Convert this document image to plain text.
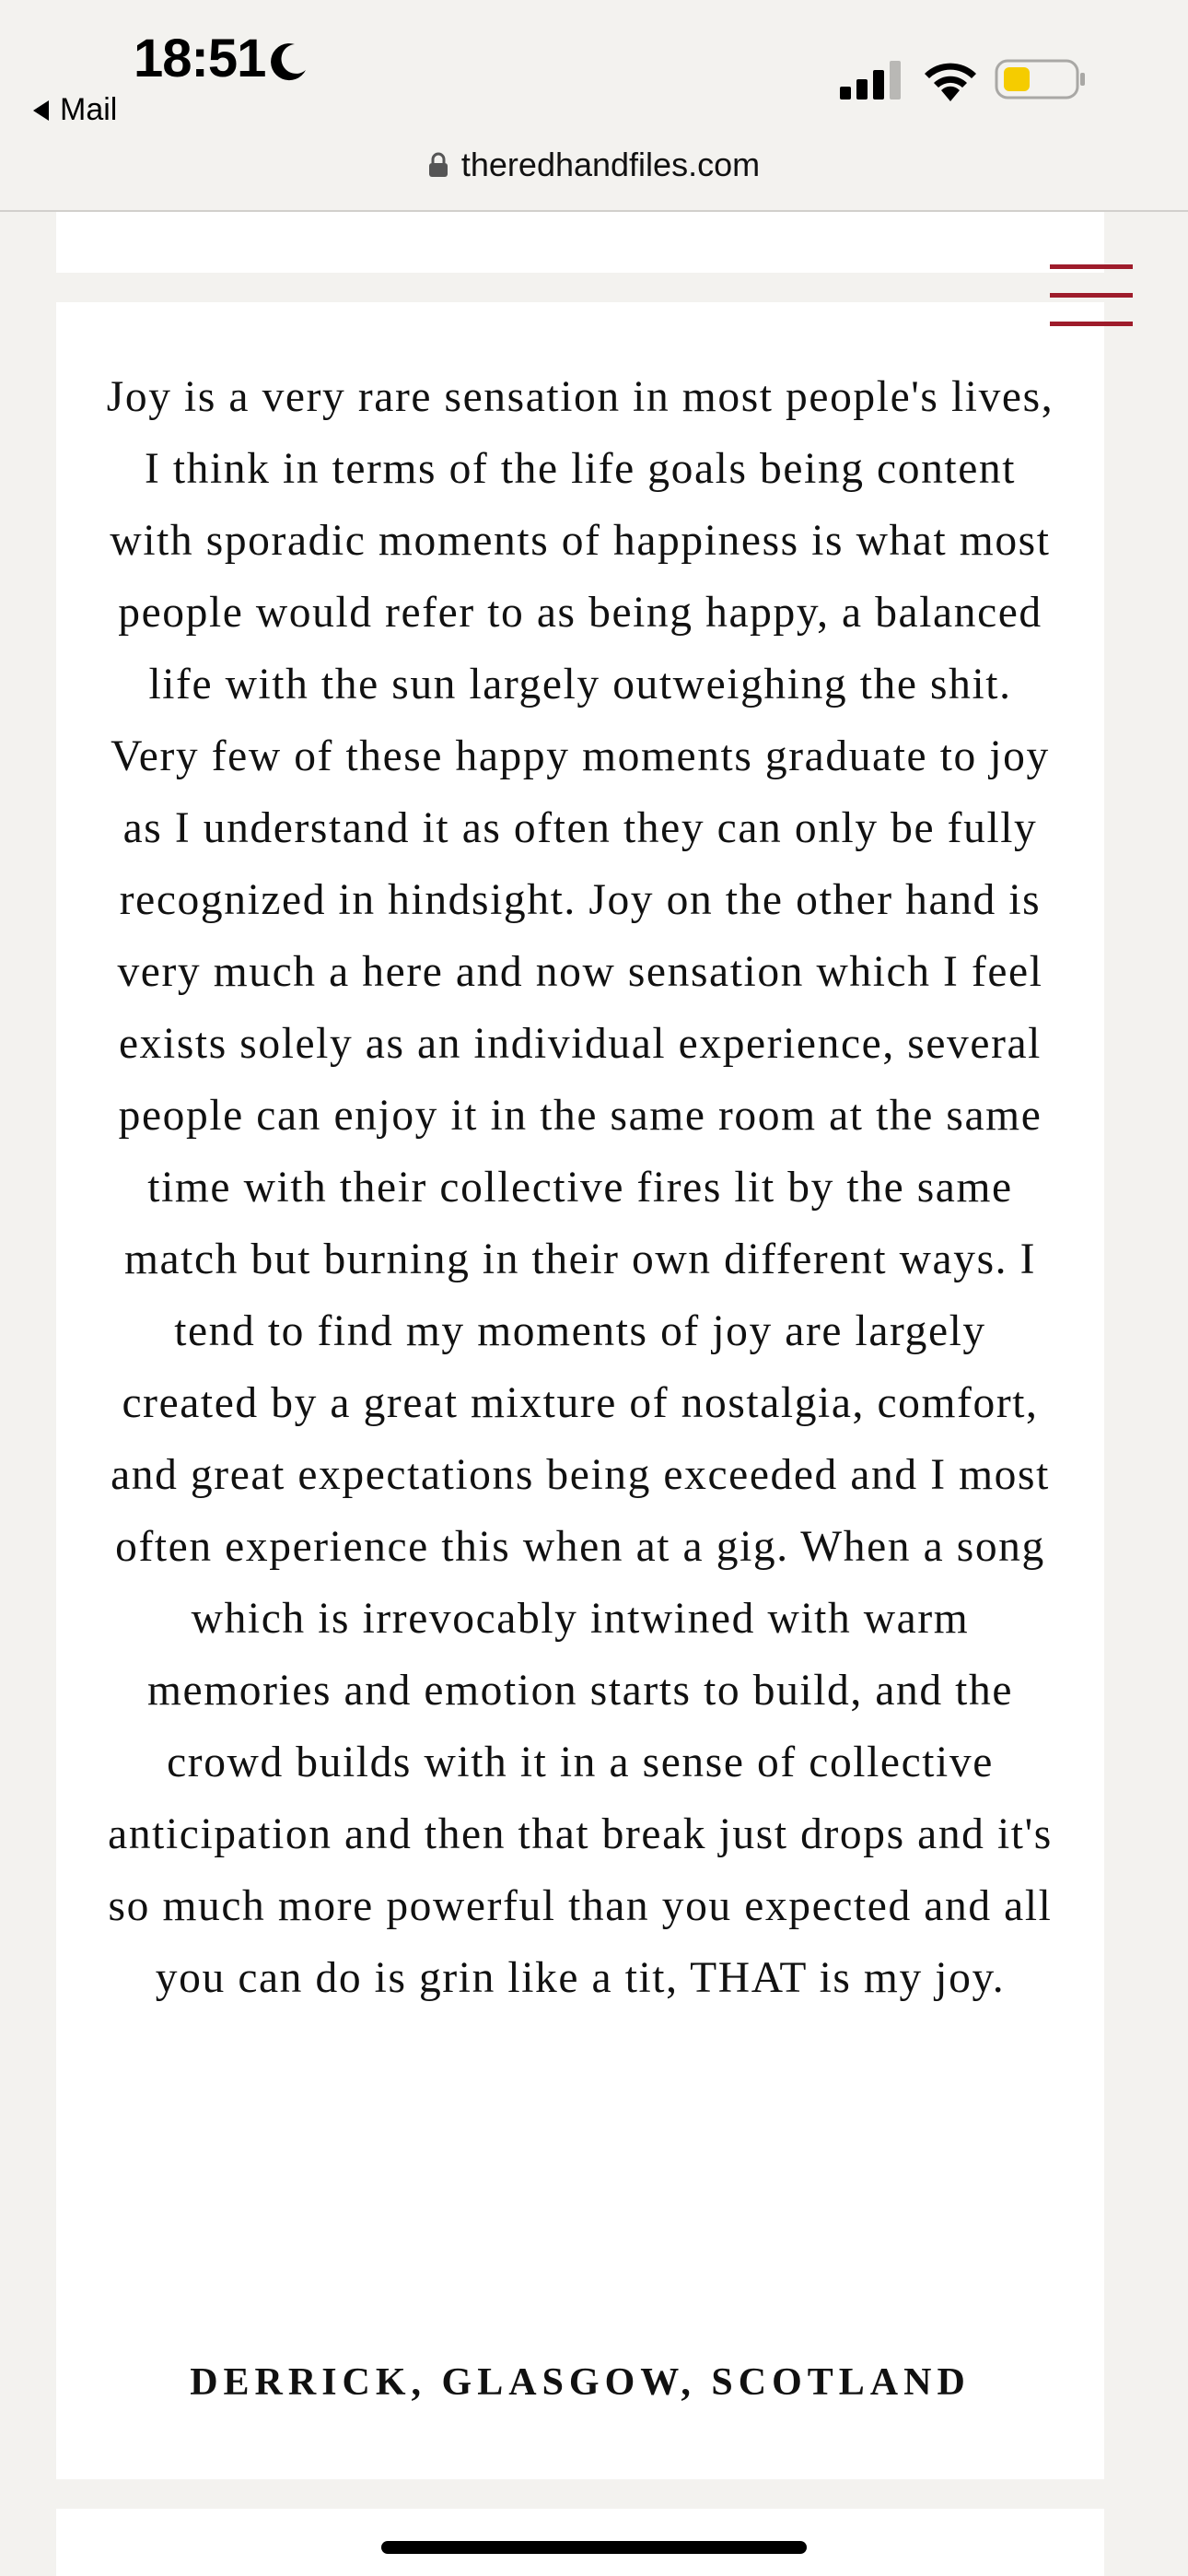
18:51
Mail
theredhandfiles.com

Joy is a very rare sensation in most people's lives, I think in terms of the life goals being content with sporadic moments of happiness is what most people would refer to as being happy, a balanced life with the sun largely outweighing the shit. Very few of these happy moments graduate to joy as I understand it as often they can only be fully recognized in hindsight. Joy on the other hand is very much a here and now sensation which I feel exists solely as an individual experience, several people can enjoy it in the same room at the same time with their collective fires lit by the same match but burning in their own different ways. I tend to find my moments of joy are largely created by a great mixture of nostalgia, comfort, and great expectations being exceeded and I most often experience this when at a gig. When a song which is irrevocably intwined with warm memories and emotion starts to build, and the crowd builds with it in a sense of collective anticipation and then that break just drops and it's so much more powerful than you expected and all you can do is grin like a tit, THAT is my joy.

DERRICK, GLASGOW, SCOTLAND
